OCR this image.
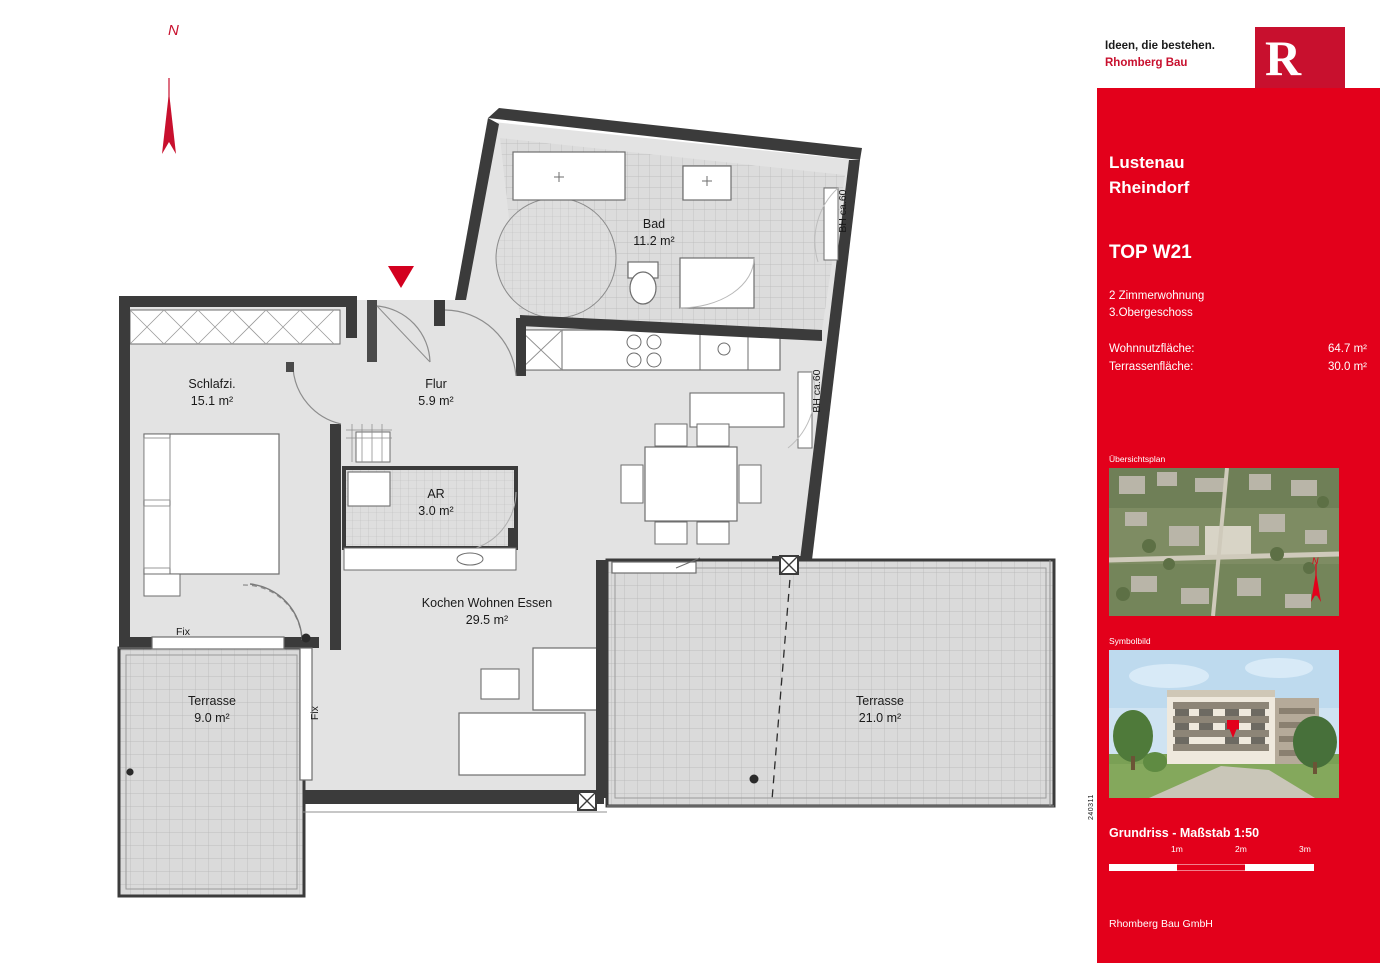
N
Bad
11.2 m²
Schlafzi.
15.1 m²
Flur
5.9 m²
AR
3.0 m²
Kochen Wohnen Essen
29.5 m²
Terrasse
9.0 m²
Terrasse
21.0 m²
BH ca.60
BH ca.60
Fix
Fix
Ideen, die bestehen.
Rhomberg Bau	R
Lustenau
Rheindorf
TOP W21
2 Zimmerwohnung
3.Obergeschoss
Wohnnutzfläche:	64.7 m²
Terrassenfläche:	30.0 m²
Übersichtsplan
N
Symbolbild
Grundriss - Maßstab 1:50
1m	2m	3m
Rhomberg Bau GmbH
240311
